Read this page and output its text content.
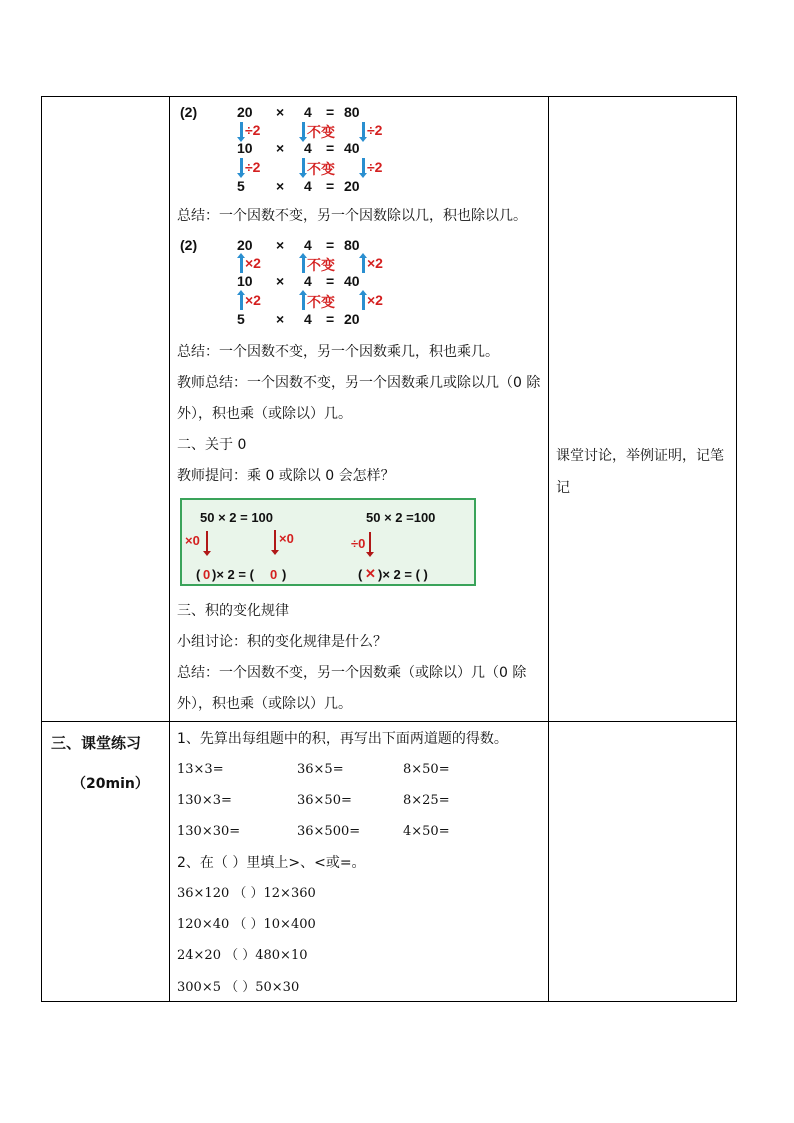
(2)	20 × 4 = 80
÷2	不变 ÷2
10 × 4 = 40
÷2	不变 ÷2
5 × 4 = 20
总结：一个因数不变，另一个因数除以几，积也除以几。
(2)	20 × 4 = 80
×2	不变 ×2
10 × 4 = 40
×2	不变 ×2
5 × 4 = 20
总结：一个因数不变，另一个因数乘几，积也乘几。
教师总结：一个因数不变，另一个因数乘几或除以几（0 除
外），积也乘（或除以）几。
二、关于 0
教师提问：乘 0 或除以 0 会怎样？
50 × 2 = 100	50 × 2 =100
×0	×0	÷0
( 0 )× 2 = ( 0 )	( ✕ )× 2 = ( )
三、积的变化规律
小组讨论：积的变化规律是什么？
总结：一个因数不变，另一个因数乘（或除以）几（0 除
外），积也乘（或除以）几。
课堂讨论，举例证明，记笔
记
三、课堂练习
（20min）
1、先算出每组题中的积，再写出下面两道题的得数。
13×3=	36×5=	8×50=
130×3=	36×50=	8×25=
130×30=	36×500=	4×50=
2、在（ ）里填上>、<或=。
36×120 （ ）12×360
120×40 （ ）10×400
24×20 （ ）480×10
300×5 （ ）50×30
